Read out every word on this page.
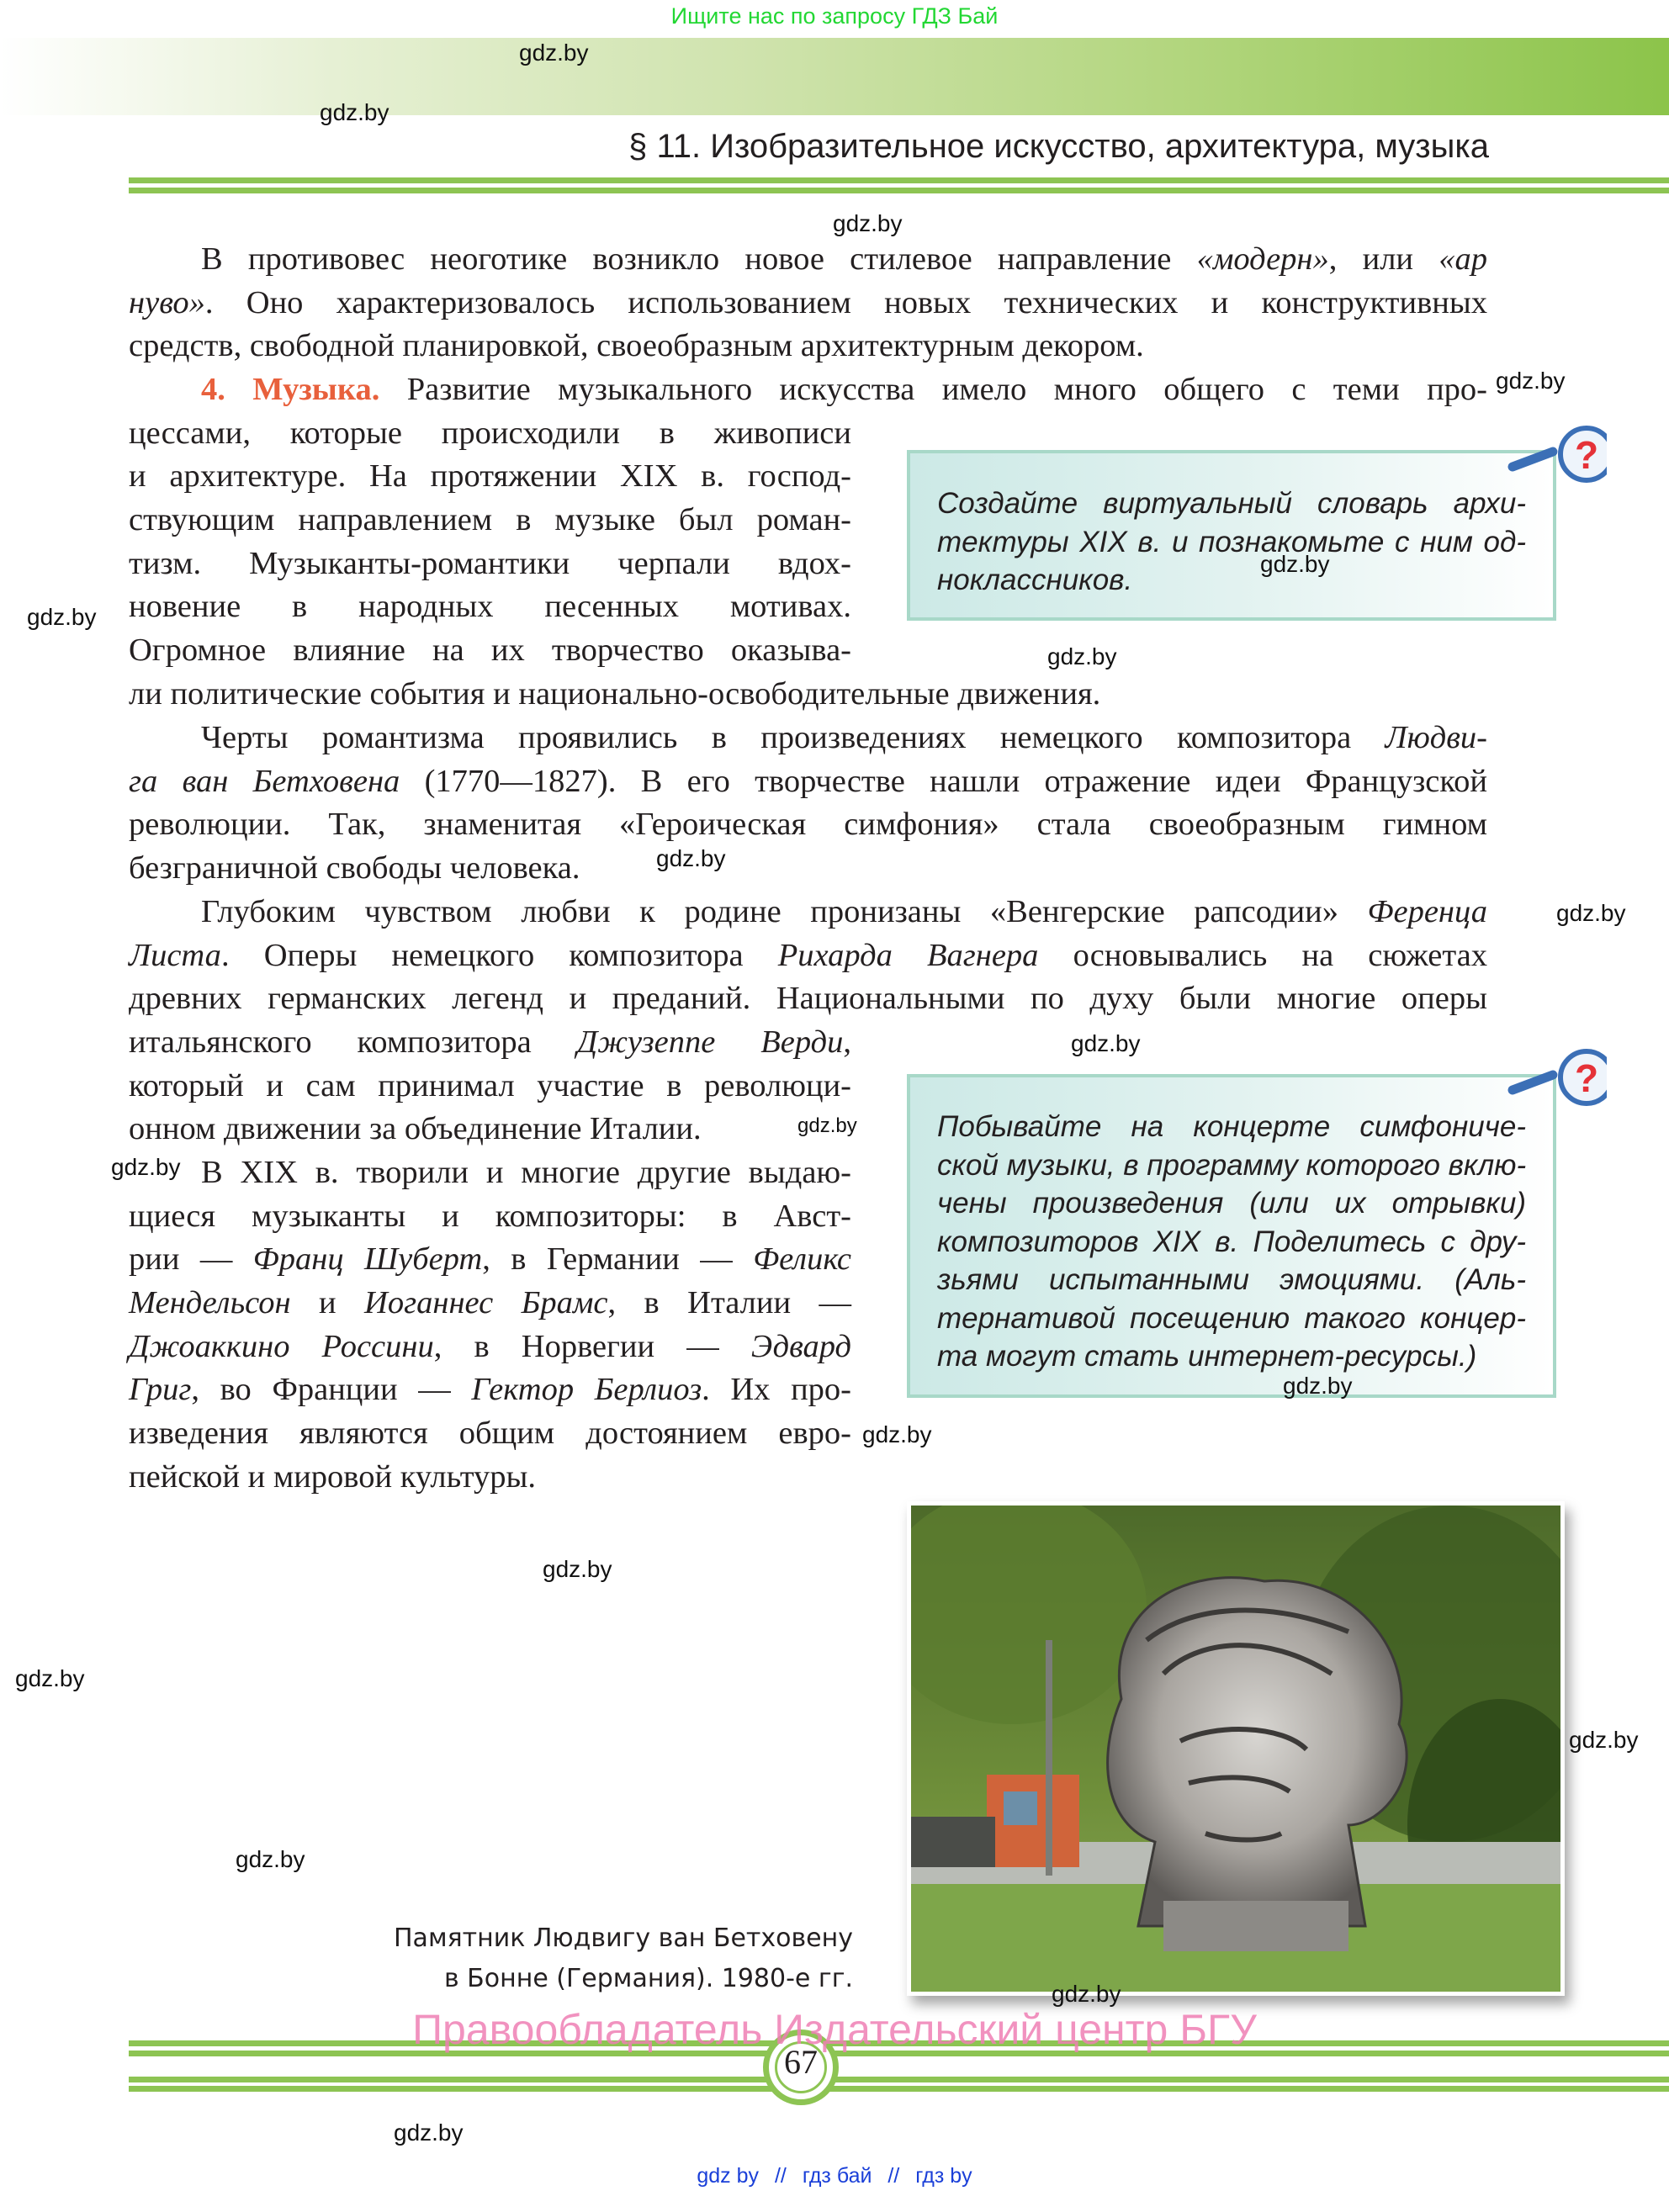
Ищите нас по запросу ГДЗ Бай
§ 11. Изобразительное искусство, архитектура, музыка
В противовес неоготике возникло новое стилевое направление «модерн», или «ар
нуво». Оно характеризовалось использованием новых технических и конструктивных
средств, свободной планировкой, своеобразным архитектурным декором.
4. Музыка. Развитие музыкального искусства имело много общего с теми про-
цессами, которые происходили в живописи
и архитектуре. На протяжении XIX в. господ-
ствующим направлением в музыке был роман-
тизм. Музыканты-романтики черпали вдох-
новение в народных песенных мотивах.
Огромное влияние на их творчество оказыва-
ли политические события и национально-освободительные движения.
Черты романтизма проявились в произведениях немецкого композитора Людви-
га ван Бетховена (1770—1827). В его творчестве нашли отражение идеи Французской
революции. Так, знаменитая «Героическая симфония» стала своеобразным гимном
безграничной свободы человека.
Глубоким чувством любви к родине пронизаны «Венгерские рапсодии» Ференца
Листа. Оперы немецкого композитора Рихарда Вагнера основывались на сюжетах
древних германских легенд и преданий. Национальными по духу были многие оперы
итальянского композитора Джузеппе Верди,
который и сам принимал участие в революци-
онном движении за объединение Италии.
В XIX в. творили и многие другие выдаю-
щиеся музыканты и композиторы: в Авст-
рии — Франц Шуберт, в Германии — Феликс
Мендельсон и Иоганнес Брамс, в Италии —
Джоаккино Россини, в Норвегии — Эдвард
Григ, во Франции — Гектор Берлиоз. Их про-
изведения являются общим достоянием евро-
пейской и мировой культуры.
Создайте виртуальный словарь архи-
тектуры XIX в. и познакомьте с ним од-
ноклассников.
?
Побывайте на концерте симфониче-
ской музыки, в программу которого вклю-
чены произведения (или их отрывки)
композиторов XIX в. Поделитесь с дру-
зьями испытанными эмоциями. (Аль-
тернативой посещению такого концер-
та могут стать интернет-ресурсы.)
?
Памятник Людвигу ван Бетховену
в Бонне (Германия). 1980-е гг.
67
Правообладатель Издательский центр БГУ
gdz by // гдз бай // гдз by
gdz.by
gdz.by
gdz.by
gdz.by
gdz.by
gdz.by
gdz.by
gdz.by
gdz.by
gdz.by
gdz.by
gdz.by
gdz.by
gdz.by
gdz.by
gdz.by
gdz.by
gdz.by
gdz.by
gdz.by
